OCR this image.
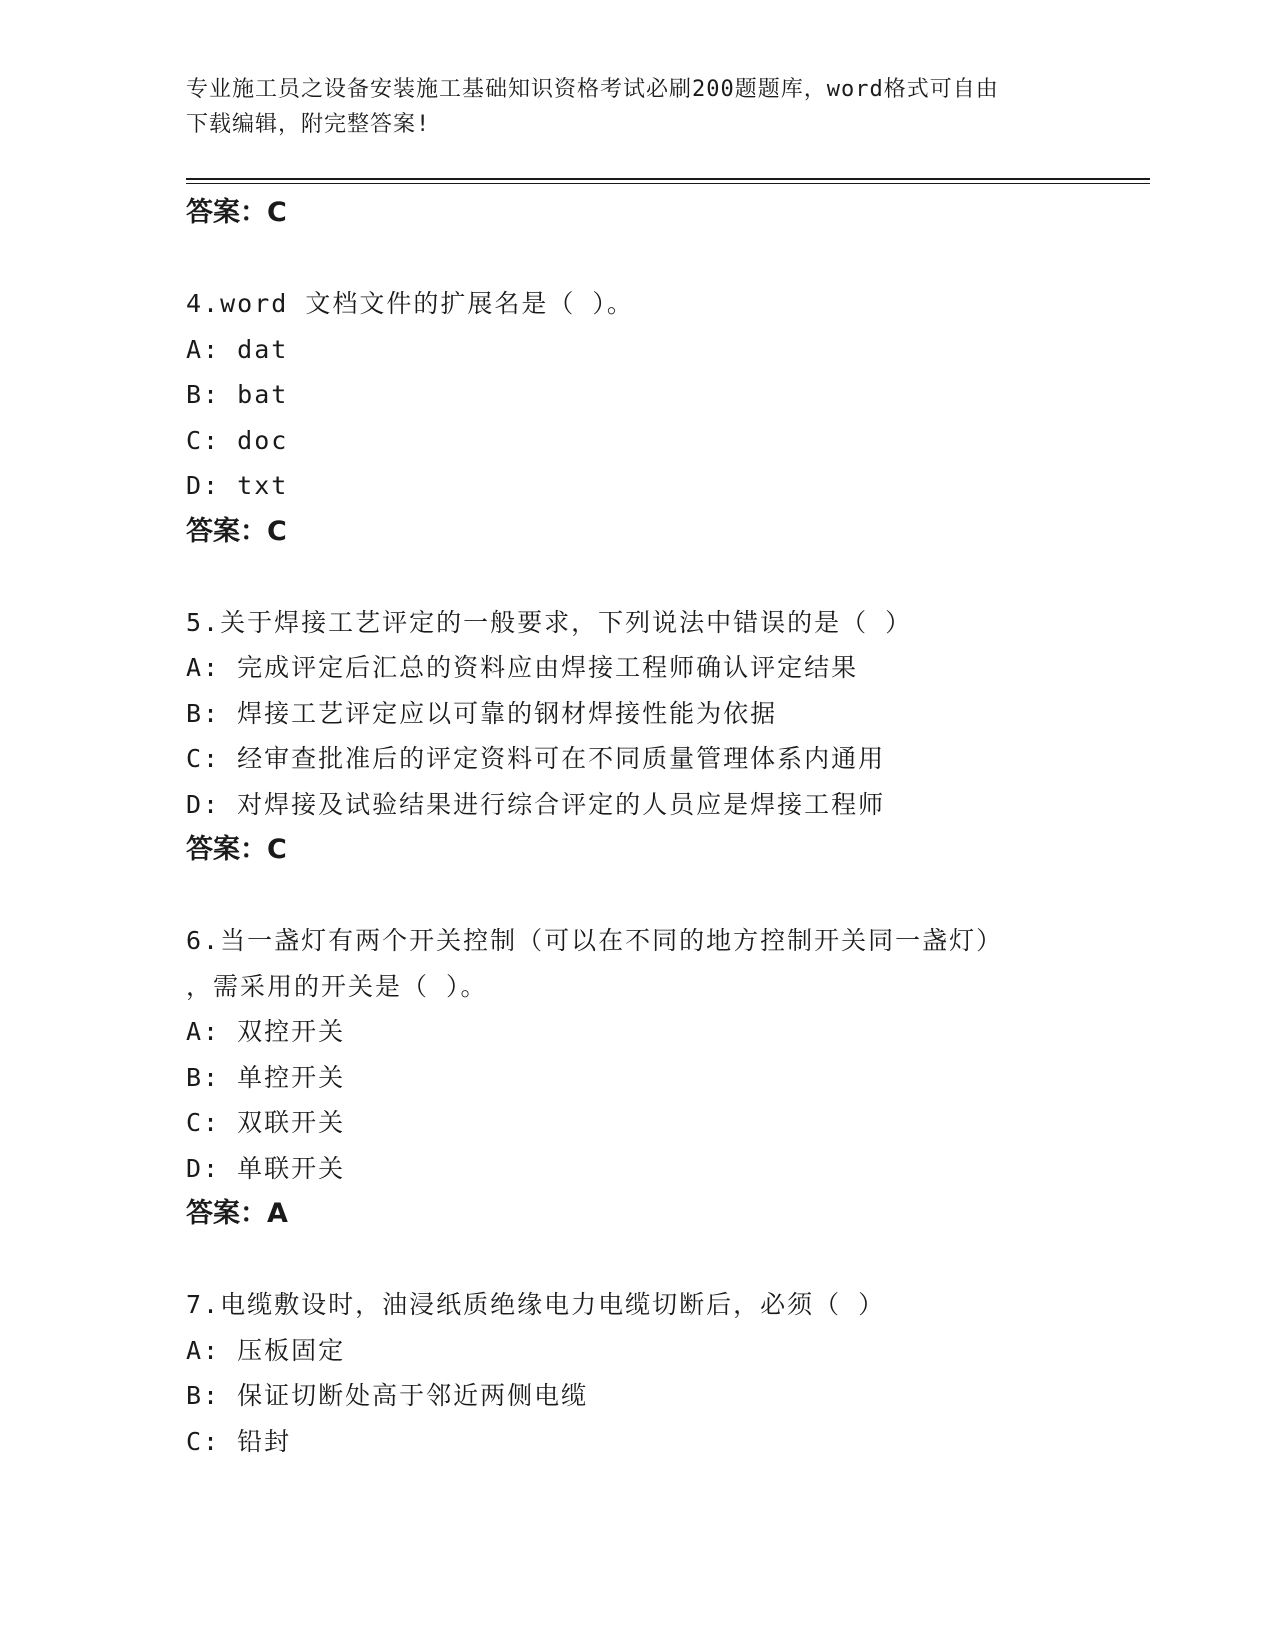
专业施工员之设备安装施工基础知识资格考试必刷200题题库，word格式可自由
下载编辑，附完整答案!
答案：C
4.word 文档文件的扩展名是（ ）。
A: dat
B: bat
C: doc
D: txt
答案：C
5.关于焊接工艺评定的一般要求，下列说法中错误的是（ ）
A: 完成评定后汇总的资料应由焊接工程师确认评定结果
B: 焊接工艺评定应以可靠的钢材焊接性能为依据
C: 经审查批准后的评定资料可在不同质量管理体系内通用
D: 对焊接及试验结果进行综合评定的人员应是焊接工程师
答案：C
6.当一盏灯有两个开关控制（可以在不同的地方控制开关同一盏灯）
，需采用的开关是（ ）。
A: 双控开关
B: 单控开关
C: 双联开关
D: 单联开关
答案：A
7.电缆敷设时，油浸纸质绝缘电力电缆切断后，必须（ ）
A: 压板固定
B: 保证切断处高于邻近两侧电缆
C: 铅封
